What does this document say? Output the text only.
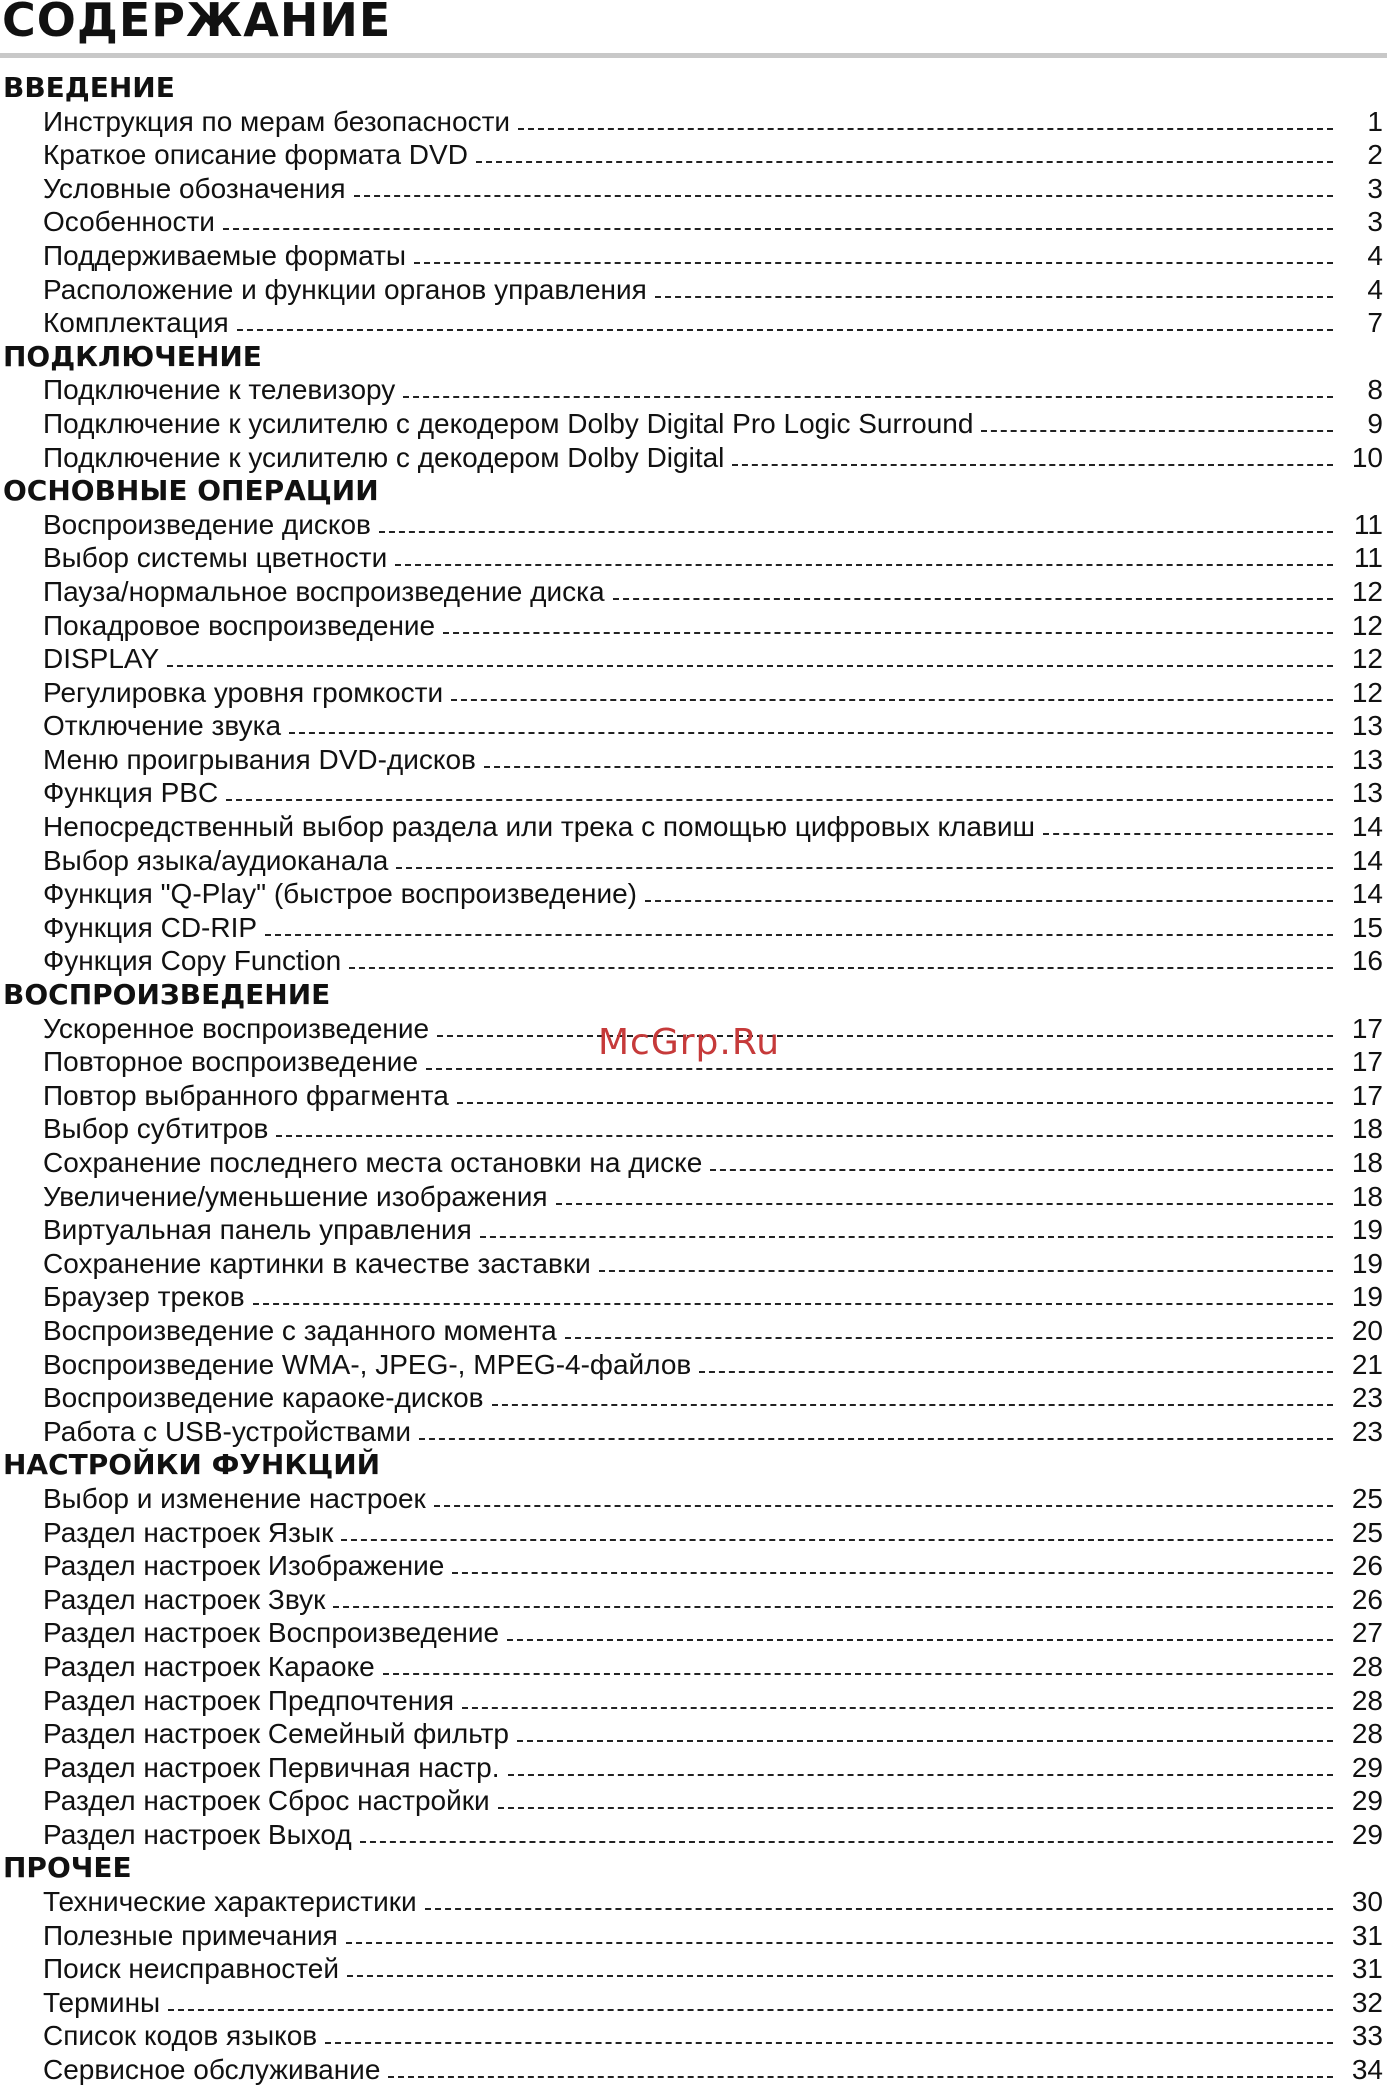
СОДЕРЖАНИЕ
ВВЕДЕНИЕ
Инструкция по мерам безопасности	1
Краткое описание формата DVD	2
Условные обозначения	3
Особенности	3
Поддерживаемые форматы	4
Расположение и функции органов управления	4
Комплектация	7
ПОДКЛЮЧЕНИЕ
Подключение к телевизору	8
Подключение к усилителю с декодером Dolby Digital Pro Logic Surround	9
Подключение к усилителю с декодером Dolby Digital	10
ОСНОВНЫЕ ОПЕРАЦИИ
Воспроизведение дисков	11
Выбор системы цветности	11
Пауза/нормальное воспроизведение диска	12
Покадровое воспроизведение	12
DISPLAY	12
Регулировка уровня громкости	12
Отключение звука	13
Меню проигрывания DVD-дисков	13
Функция PBC	13
Непосредственный выбор раздела или трека с помощью цифровых клавиш	14
Выбор языка/аудиоканала	14
Функция "Q-Play" (быстрое воспроизведение)	14
Функция CD-RIP	15
Функция Copy Function	16
ВОСПРОИЗВЕДЕНИЕ
Ускоренное воспроизведение	17
Повторное воспроизведение	17
Повтор выбранного фрагмента	17
Выбор субтитров	18
Сохранение последнего места остановки на диске	18
Увеличение/уменьшение изображения	18
Виртуальная панель управления	19
Сохранение картинки в качестве заставки	19
Браузер треков	19
Воспроизведение с заданного момента	20
Воспроизведение WMA-, JPEG-, MPEG-4-файлов	21
Воспроизведение караоке-дисков	23
Работа с USB-устройствами	23
НАСТРОЙКИ ФУНКЦИЙ
Выбор и изменение настроек	25
Раздел настроек Язык	25
Раздел настроек Изображение	26
Раздел настроек Звук	26
Раздел настроек Воспроизведение	27
Раздел настроек Караоке	28
Раздел настроек Предпочтения	28
Раздел настроек Семейный фильтр	28
Раздел настроек Первичная настр.	29
Раздел настроек Сброс настройки	29
Раздел настроек Выход	29
ПРОЧЕЕ
Технические характеристики	30
Полезные примечания	31
Поиск неисправностей	31
Термины	32
Список кодов языков	33
Сервисное обслуживание	34
McGrp.Ru
